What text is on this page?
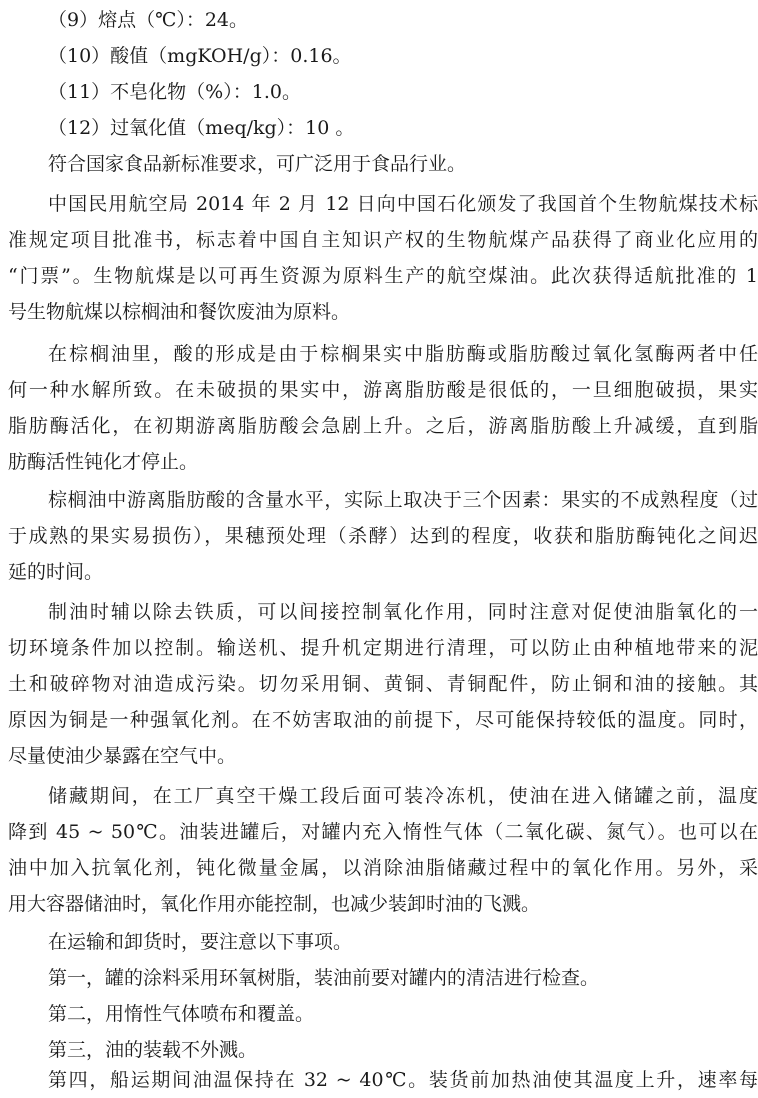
（9）熔点（℃）：24。
（10）酸值（mgKOH/g）：0.16。
（11）不皂化物（%）：1.0。
（12）过氧化值（meq/kg）：10 。
符合国家食品新标准要求，可广泛用于食品行业。
中国民用航空局 2014 年 2 月 12 日向中国石化颁发了我国首个生物航煤技术标
准规定项目批准书，标志着中国自主知识产权的生物航煤产品获得了商业化应用的
“门票”。生物航煤是以可再生资源为原料生产的航空煤油。此次获得适航批准的 1
号生物航煤以棕榈油和餐饮废油为原料。
在棕榈油里，酸的形成是由于棕榈果实中脂肪酶或脂肪酸过氧化氢酶两者中任
何一种水解所致。在未破损的果实中，游离脂肪酸是很低的，一旦细胞破损，果实
脂肪酶活化，在初期游离脂肪酸会急剧上升。之后，游离脂肪酸上升减缓，直到脂
肪酶活性钝化才停止。
棕榈油中游离脂肪酸的含量水平，实际上取决于三个因素：果实的不成熟程度（过
于成熟的果实易损伤），果穗预处理（杀酵）达到的程度，收获和脂肪酶钝化之间迟
延的时间。
制油时辅以除去铁质，可以间接控制氧化作用，同时注意对促使油脂氧化的一
切环境条件加以控制。输送机、提升机定期进行清理，可以防止由种植地带来的泥
土和破碎物对油造成污染。切勿采用铜、黄铜、青铜配件，防止铜和油的接触。其
原因为铜是一种强氧化剂。在不妨害取油的前提下，尽可能保持较低的温度。同时，
尽量使油少暴露在空气中。
储藏期间，在工厂真空干燥工段后面可装冷冻机，使油在进入储罐之前，温度
降到 45 ~ 50℃。油装进罐后，对罐内充入惰性气体（二氧化碳、氮气）。也可以在
油中加入抗氧化剂，钝化微量金属，以消除油脂储藏过程中的氧化作用。另外，采
用大容器储油时，氧化作用亦能控制，也减少装卸时油的飞溅。
在运输和卸货时，要注意以下事项。
第一，罐的涂料采用环氧树脂，装油前要对罐内的清洁进行检查。
第二，用惰性气体喷布和覆盖。
第三，油的装载不外溅。
第四，船运期间油温保持在 32 ~ 40℃。装货前加热油使其温度上升，速率每
